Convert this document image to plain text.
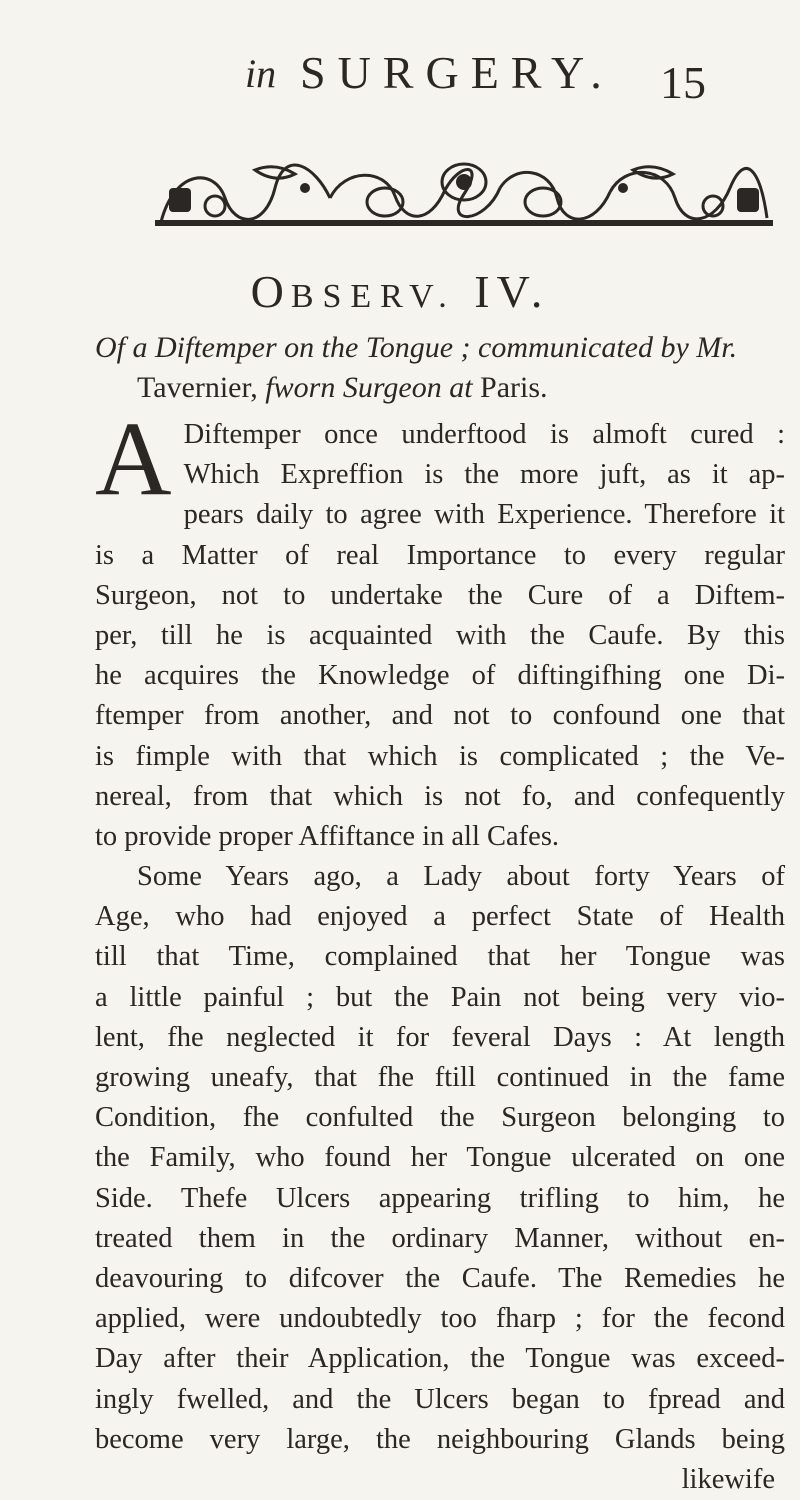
in SURGERY. 15
OBSERV. IV.
Of a Diftemper on the Tongue ; communicated by Mr.
Tavernier, fworn Surgeon at Paris.
A Diftemper once underftood is almoft cured :
Which Expreffion is the more juft, as it ap-
pears daily to agree with Experience. Therefore it
is a Matter of real Importance to every regular
Surgeon, not to undertake the Cure of a Diftem-
per, till he is acquainted with the Caufe. By this
he acquires the Knowledge of diftingifhing one Di-
ftemper from another, and not to confound one that
is fimple with that which is complicated ; the Ve-
nereal, from that which is not fo, and confequently
to provide proper Affiftance in all Cafes.
Some Years ago, a Lady about forty Years of
Age, who had enjoyed a perfect State of Health
till that Time, complained that her Tongue was
a little painful ; but the Pain not being very vio-
lent, fhe neglected it for feveral Days : At length
growing uneafy, that fhe ftill continued in the fame
Condition, fhe confulted the Surgeon belonging to
the Family, who found her Tongue ulcerated on one
Side. Thefe Ulcers appearing trifling to him, he
treated them in the ordinary Manner, without en-
deavouring to difcover the Caufe. The Remedies he
applied, were undoubtedly too fharp ; for the fecond
Day after their Application, the Tongue was exceed-
ingly fwelled, and the Ulcers began to fpread and
become very large, the neighbouring Glands being
likewife
